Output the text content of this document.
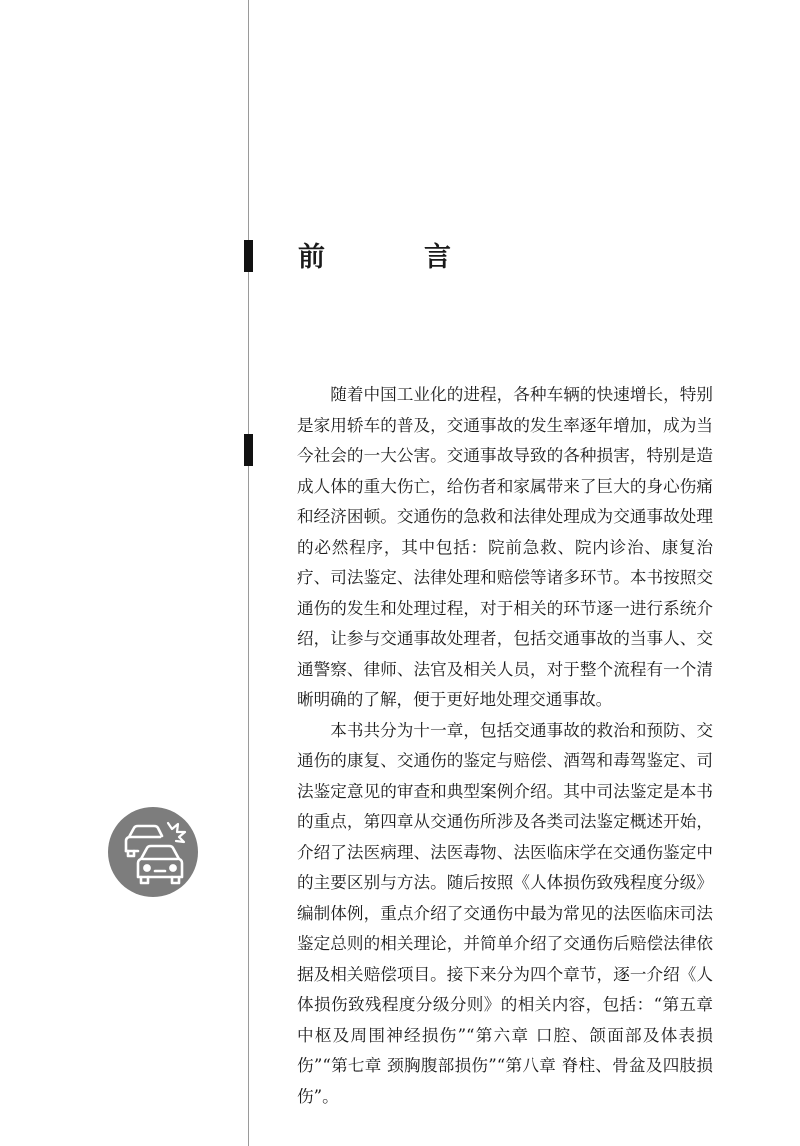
前　言

随着中国工业化的进程，各种车辆的快速增长，特别是家用轿车的普及，交通事故的发生率逐年增加，成为当今社会的一大公害。交通事故导致的各种损害，特别是造成人体的重大伤亡，给伤者和家属带来了巨大的身心伤痛和经济困顿。交通伤的急救和法律处理成为交通事故处理的必然程序，其中包括：院前急救、院内诊治、康复治疗、司法鉴定、法律处理和赔偿等诸多环节。本书按照交通伤的发生和处理过程，对于相关的环节逐一进行系统介绍，让参与交通事故处理者，包括交通事故的当事人、交通警察、律师、法官及相关人员，对于整个流程有一个清晰明确的了解，便于更好地处理交通事故。

本书共分为十一章，包括交通事故的救治和预防、交通伤的康复、交通伤的鉴定与赔偿、酒驾和毒驾鉴定、司法鉴定意见的审查和典型案例介绍。其中司法鉴定是本书的重点，第四章从交通伤所涉及各类司法鉴定概述开始，介绍了法医病理、法医毒物、法医临床学在交通伤鉴定中的主要区别与方法。随后按照《人体损伤致残程度分级》编制体例，重点介绍了交通伤中最为常见的法医临床司法鉴定总则的相关理论，并简单介绍了交通伤后赔偿法律依据及相关赔偿项目。接下来分为四个章节，逐一介绍《人体损伤致残程度分级分则》的相关内容，包括：“第五章 中枢及周围神经损伤”“第六章 口腔、颌面部及体表损伤”“第七章 颈胸腹部损伤”“第八章 脊柱、骨盆及四肢损伤”。
